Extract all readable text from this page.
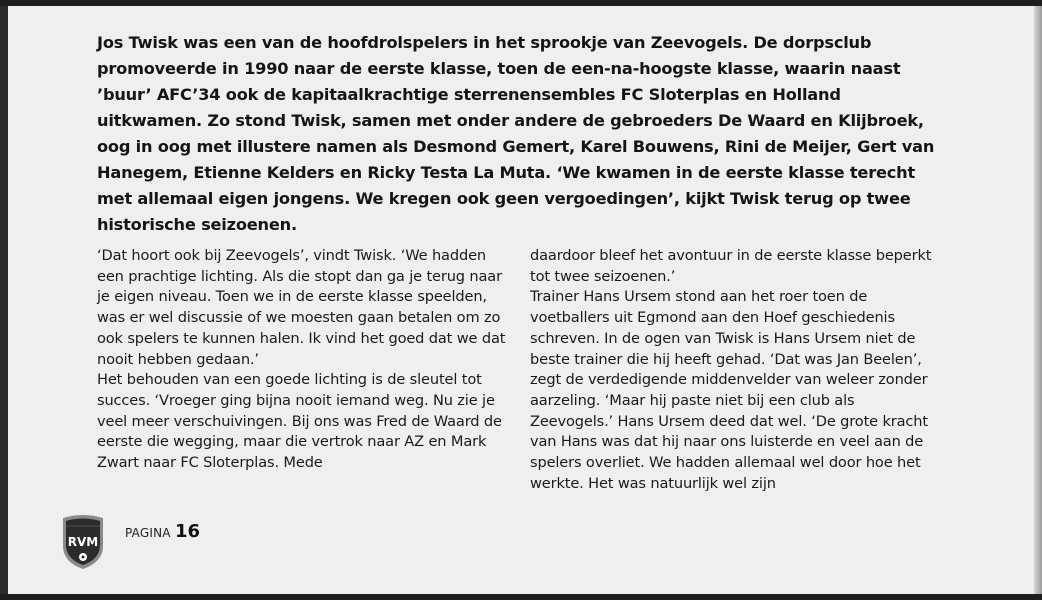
Jos Twisk was een van de hoofdrolspelers in het sprookje van Zeevogels. De dorpsclub promoveerde in 1990 naar de eerste klasse, toen de een-na-hoogste klasse, waarin naast ’buur’ AFC’34 ook de kapitaalkrachtige sterrenensembles FC Sloterplas en Holland uitkwamen. Zo stond Twisk, samen met onder andere de gebroeders De Waard en Klijbroek, oog in oog met illustere namen als Desmond Gemert, Karel Bouwens, Rini de Meijer, Gert van Hanegem, Etienne Kelders en Ricky Testa La Muta. ‘We kwamen in de eerste klasse terecht met allemaal eigen jongens. We kregen ook geen vergoedingen’, kijkt Twisk terug op twee historische seizoenen.

‘Dat hoort ook bij Zeevogels’, vindt Twisk. ‘We hadden een prachtige lichting. Als die stopt dan ga je terug naar je eigen niveau. Toen we in de eerste klasse speelden, was er wel discussie of we moesten gaan betalen om zo ook spelers te kunnen halen. Ik vind het goed dat we dat nooit hebben gedaan.’

Het behouden van een goede lichting is de sleutel tot succes. ‘Vroeger ging bijna nooit iemand weg. Nu zie je veel meer verschuivingen. Bij ons was Fred de Waard de eerste die wegging, maar die vertrok naar AZ en Mark Zwart naar FC Sloterplas. Mede

daardoor bleef het avontuur in de eerste klasse beperkt tot twee seizoenen.’

Trainer Hans Ursem stond aan het roer toen de voetballers uit Egmond aan den Hoef geschiedenis schreven. In de ogen van Twisk is Hans Ursem niet de beste trainer die hij heeft gehad. ‘Dat was Jan Beelen’, zegt de verdedigende middenvelder van weleer zonder aarzeling. ‘Maar hij paste niet bij een club als Zeevogels.’ Hans Ursem deed dat wel. ‘De grote kracht van Hans was dat hij naar ons luisterde en veel aan de spelers overliet. We hadden allemaal wel door hoe het werkte. Het was natuurlijk wel zijn

RVM
PAGINA 16
